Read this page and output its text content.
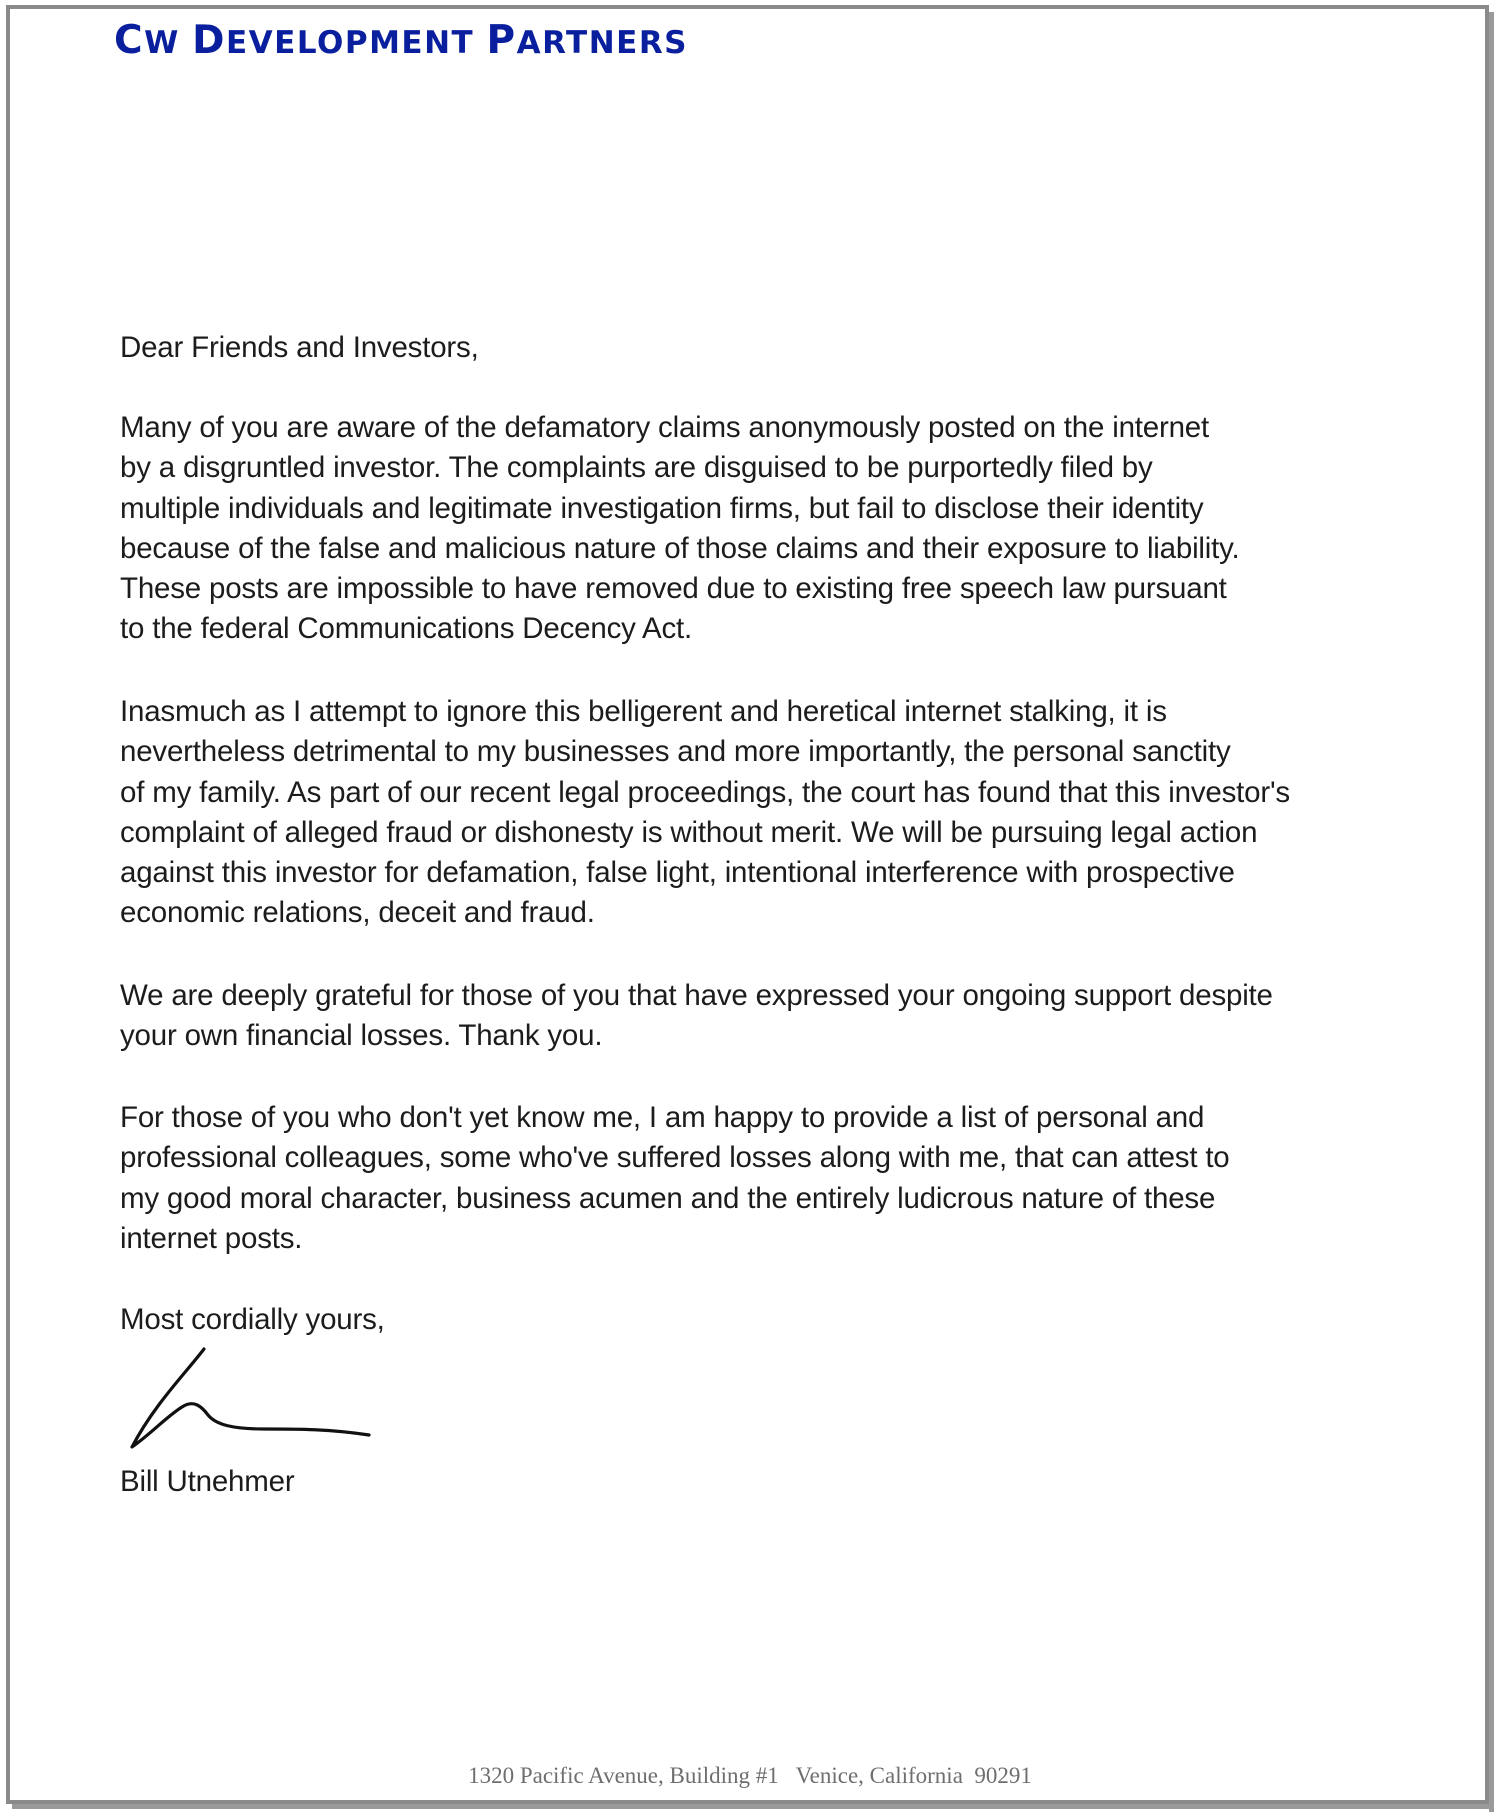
CW DEVELOPMENT PARTNERS
Dear Friends and Investors,
Many of you are aware of the defamatory claims anonymously posted on the internet
by a disgruntled investor. The complaints are disguised to be purportedly filed by
multiple individuals and legitimate investigation firms, but fail to disclose their identity
because of the false and malicious nature of those claims and their exposure to liability.
These posts are impossible to have removed due to existing free speech law pursuant
to the federal Communications Decency Act.
Inasmuch as I attempt to ignore this belligerent and heretical internet stalking, it is
nevertheless detrimental to my businesses and more importantly, the personal sanctity
of my family. As part of our recent legal proceedings, the court has found that this investor's
complaint of alleged fraud or dishonesty is without merit. We will be pursuing legal action
against this investor for defamation, false light, intentional interference with prospective
economic relations, deceit and fraud.
We are deeply grateful for those of you that have expressed your ongoing support despite
your own financial losses. Thank you.
For those of you who don't yet know me, I am happy to provide a list of personal and
professional colleagues, some who've suffered losses along with me, that can attest to
my good moral character, business acumen and the entirely ludicrous nature of these
internet posts.
Most cordially yours,
Bill Utnehmer
1320 Pacific Avenue, Building #1   Venice, California  90291
